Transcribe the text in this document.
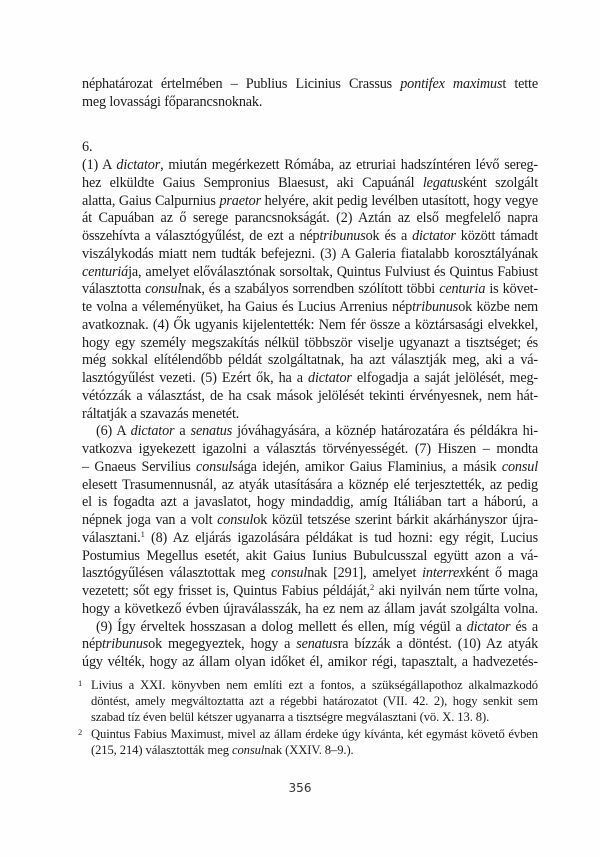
néphatározat értelmében – Publius Licinius Crassus pontifex maximust tette
meg lovassági főparancsnoknak.
6.
(1) A dictator, miután megérkezett Rómába, az etruriai hadszíntéren lévő sereg-
hez elküldte Gaius Sempronius Blaesust, aki Capuánál legatusként szolgált
alatta, Gaius Calpurnius praetor helyére, akit pedig levélben utasított, hogy vegye
át Capuában az ő serege parancsnokságát. (2) Aztán az első megfelelő napra
összehívta a választógyűlést, de ezt a néptribunusok és a dictator között támadt
viszálykodás miatt nem tudták befejezni. (3) A Galeria fiatalabb korosztályának
centuriája, amelyet előválasztónak sorsoltak, Quintus Fulviust és Quintus Fabiust
választotta consulnak, és a szabályos sorrendben szólított többi centuria is követ-
te volna a véleményüket, ha Gaius és Lucius Arrenius néptribunusok közbe nem
avatkoznak. (4) Ők ugyanis kijelentették: Nem fér össze a köztársasági elvekkel,
hogy egy személy megszakítás nélkül többször viselje ugyanazt a tisztséget; és
még sokkal elítélendőbb példát szolgáltatnak, ha azt választják meg, aki a vá-
lasztógyűlést vezeti. (5) Ezért ők, ha a dictator elfogadja a saját jelölését, meg-
vétózzák a választást, de ha csak mások jelölését tekinti érvényesnek, nem hát-
ráltatják a szavazás menetét.
(6) A dictator a senatus jóváhagyására, a köznép határozatára és példákra hi-
vatkozva igyekezett igazolni a választás törvényességét. (7) Hiszen – mondta
– Gnaeus Servilius consulsága idején, amikor Gaius Flaminius, a másik consul
elesett Trasumennusnál, az atyák utasítására a köznép elé terjesztették, az pedig
el is fogadta azt a javaslatot, hogy mindaddig, amíg Itáliában tart a háború, a
népnek joga van a volt consulok közül tetszése szerint bárkit akárhányszor újra-
választani.$^1$ (8) Az eljárás igazolására példákat is tud hozni: egy régit, Lucius
Postumius Megellus esetét, akit Gaius Iunius Bubulcusszal együtt azon a vá-
lasztógyűlésen választottak meg consulnak [291], amelyet interrexként ő maga
vezetett; sőt egy frisset is, Quintus Fabius példáját,$^2$ aki nyilván nem tűrte volna,
hogy a következő évben újraválasszák, ha ez nem az állam javát szolgálta volna.
(9) Így érveltek hosszasan a dolog mellett és ellen, míg végül a dictator és a
néptribunusok megegyeztek, hogy a senatusra bízzák a döntést. (10) Az atyák
úgy vélték, hogy az állam olyan időket él, amikor régi, tapasztalt, a hadvezetés-
1 Livius a XXI. könyvben nem említi ezt a fontos, a szükségállapothoz alkalmazkodó
döntést, amely megváltoztatta azt a régebbi határozatot (VII. 42. 2), hogy senkit sem
szabad tíz éven belül kétszer ugyanarra a tisztségre megválasztani (vö. X. 13. 8).
2 Quintus Fabius Maximust, mivel az állam érdeke úgy kívánta, két egymást követő évben
(215, 214) választották meg consulnak (XXIV. 8–9.).
356
